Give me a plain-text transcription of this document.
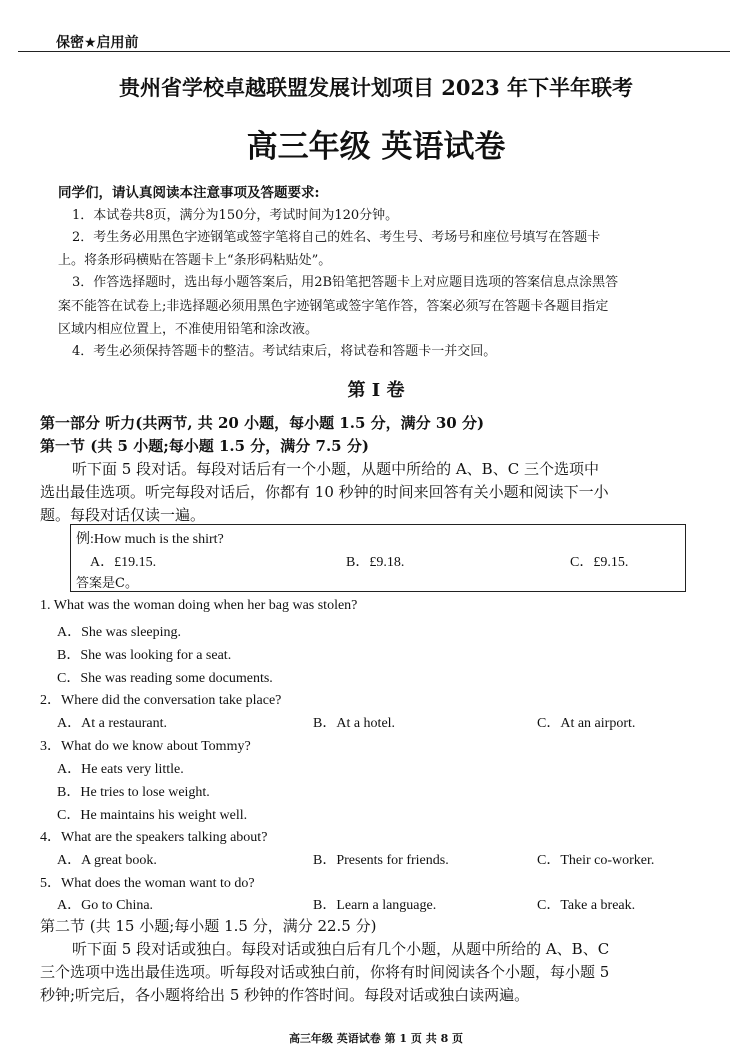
保密★启用前
贵州省学校卓越联盟发展计划项目 2023 年下半年联考
高三年级 英语试卷
同学们，请认真阅读本注意事项及答题要求:
1．本试卷共8页，满分为150分，考试时间为120分钟。
2．考生务必用黑色字迹钢笔或签字笔将自己的姓名、考生号、考场号和座位号填写在答题卡
上。将条形码横贴在答题卡上“条形码粘贴处”。
3．作答选择题时，选出每小题答案后，用2B铅笔把答题卡上对应题目选项的答案信息点涂黑答
案不能答在试卷上;非选择题必须用黑色字迹钢笔或签字笔作答，答案必须写在答题卡各题目指定
区域内相应位置上，不准使用铅笔和涂改液。
4．考生必须保持答题卡的整洁。考试结束后，将试卷和答题卡一并交回。
第 I 卷
第一部分 听力(共两节, 共 20 小题，每小题 1.5 分，满分 30 分)
第一节 (共 5 小题;每小题 1.5 分，满分 7.5 分)
听下面 5 段对话。每段对话后有一个小题，从题中所给的 A、B、C 三个选项中
选出最佳选项。听完每段对话后，你都有 10 秒钟的时间来回答有关小题和阅读下一小
题。每段对话仅读一遍。
例:How much is the shirt?
A．£19.15.	B．£9.18.	C．£9.15.
答案是C。
1. What was the woman doing when her bag was stolen?
A．She was sleeping.
B．She was looking for a seat.
C．She was reading some documents.
2．Where did the conversation take place?
A．At a restaurant.	B．At a hotel.	C．At an airport.
3．What do we know about Tommy?
A．He eats very little.
B．He tries to lose weight.
C．He maintains his weight well.
4．What are the speakers talking about?
A．A great book.	B．Presents for friends.	C．Their co-worker.
5．What does the woman want to do?
A．Go to China.	B．Learn a language.	C．Take a break.
第二节 (共 15 小题;每小题 1.5 分，满分 22.5 分)
听下面 5 段对话或独白。每段对话或独白后有几个小题，从题中所给的 A、B、C
三个选项中选出最佳选项。听每段对话或独白前，你将有时间阅读各个小题，每小题 5
秒钟;听完后，各小题将给出 5 秒钟的作答时间。每段对话或独白读两遍。
高三年级 英语试卷 第 1 页 共 8 页
